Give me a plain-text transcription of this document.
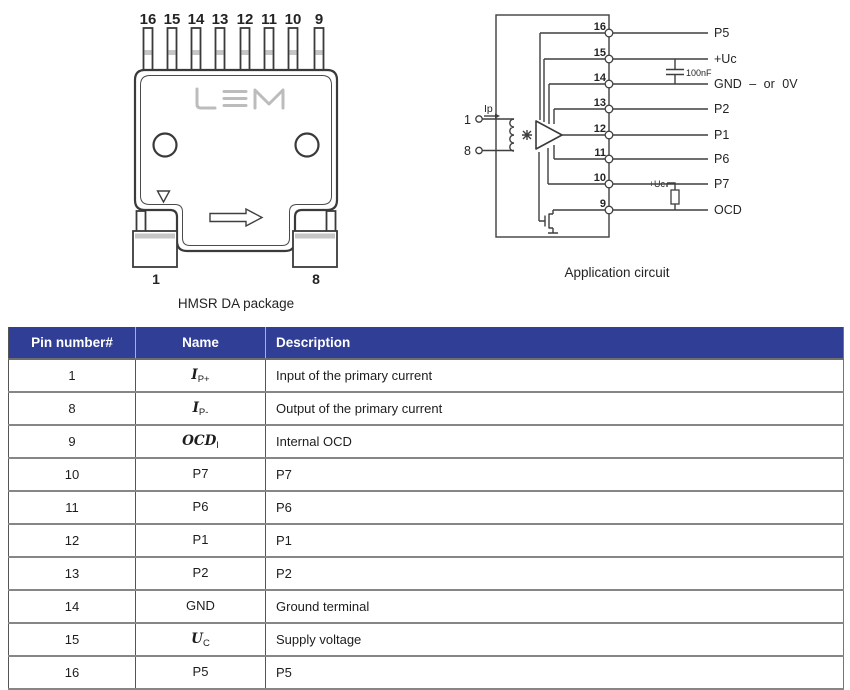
16 15 14 13 12 11 10 9
1	8
HMSR DA package
1
8
Ip
100nF
+Uc
16
15
14
13
12
11
10
9
P5
+Uc
GND – or 0V
P2
P1
P6
P7
OCD
Application circuit
Pin number#	Name	Description
1	$I_{P+}$	Input of the primary current
8	$I_{P-}$	Output of the primary current
9	$OCD_I$	Internal OCD
10	P7	P7
11	P6	P6
12	P1	P1
13	P2	P2
14	GND	Ground terminal
15	$U_C$	Supply voltage
16	P5	P5
